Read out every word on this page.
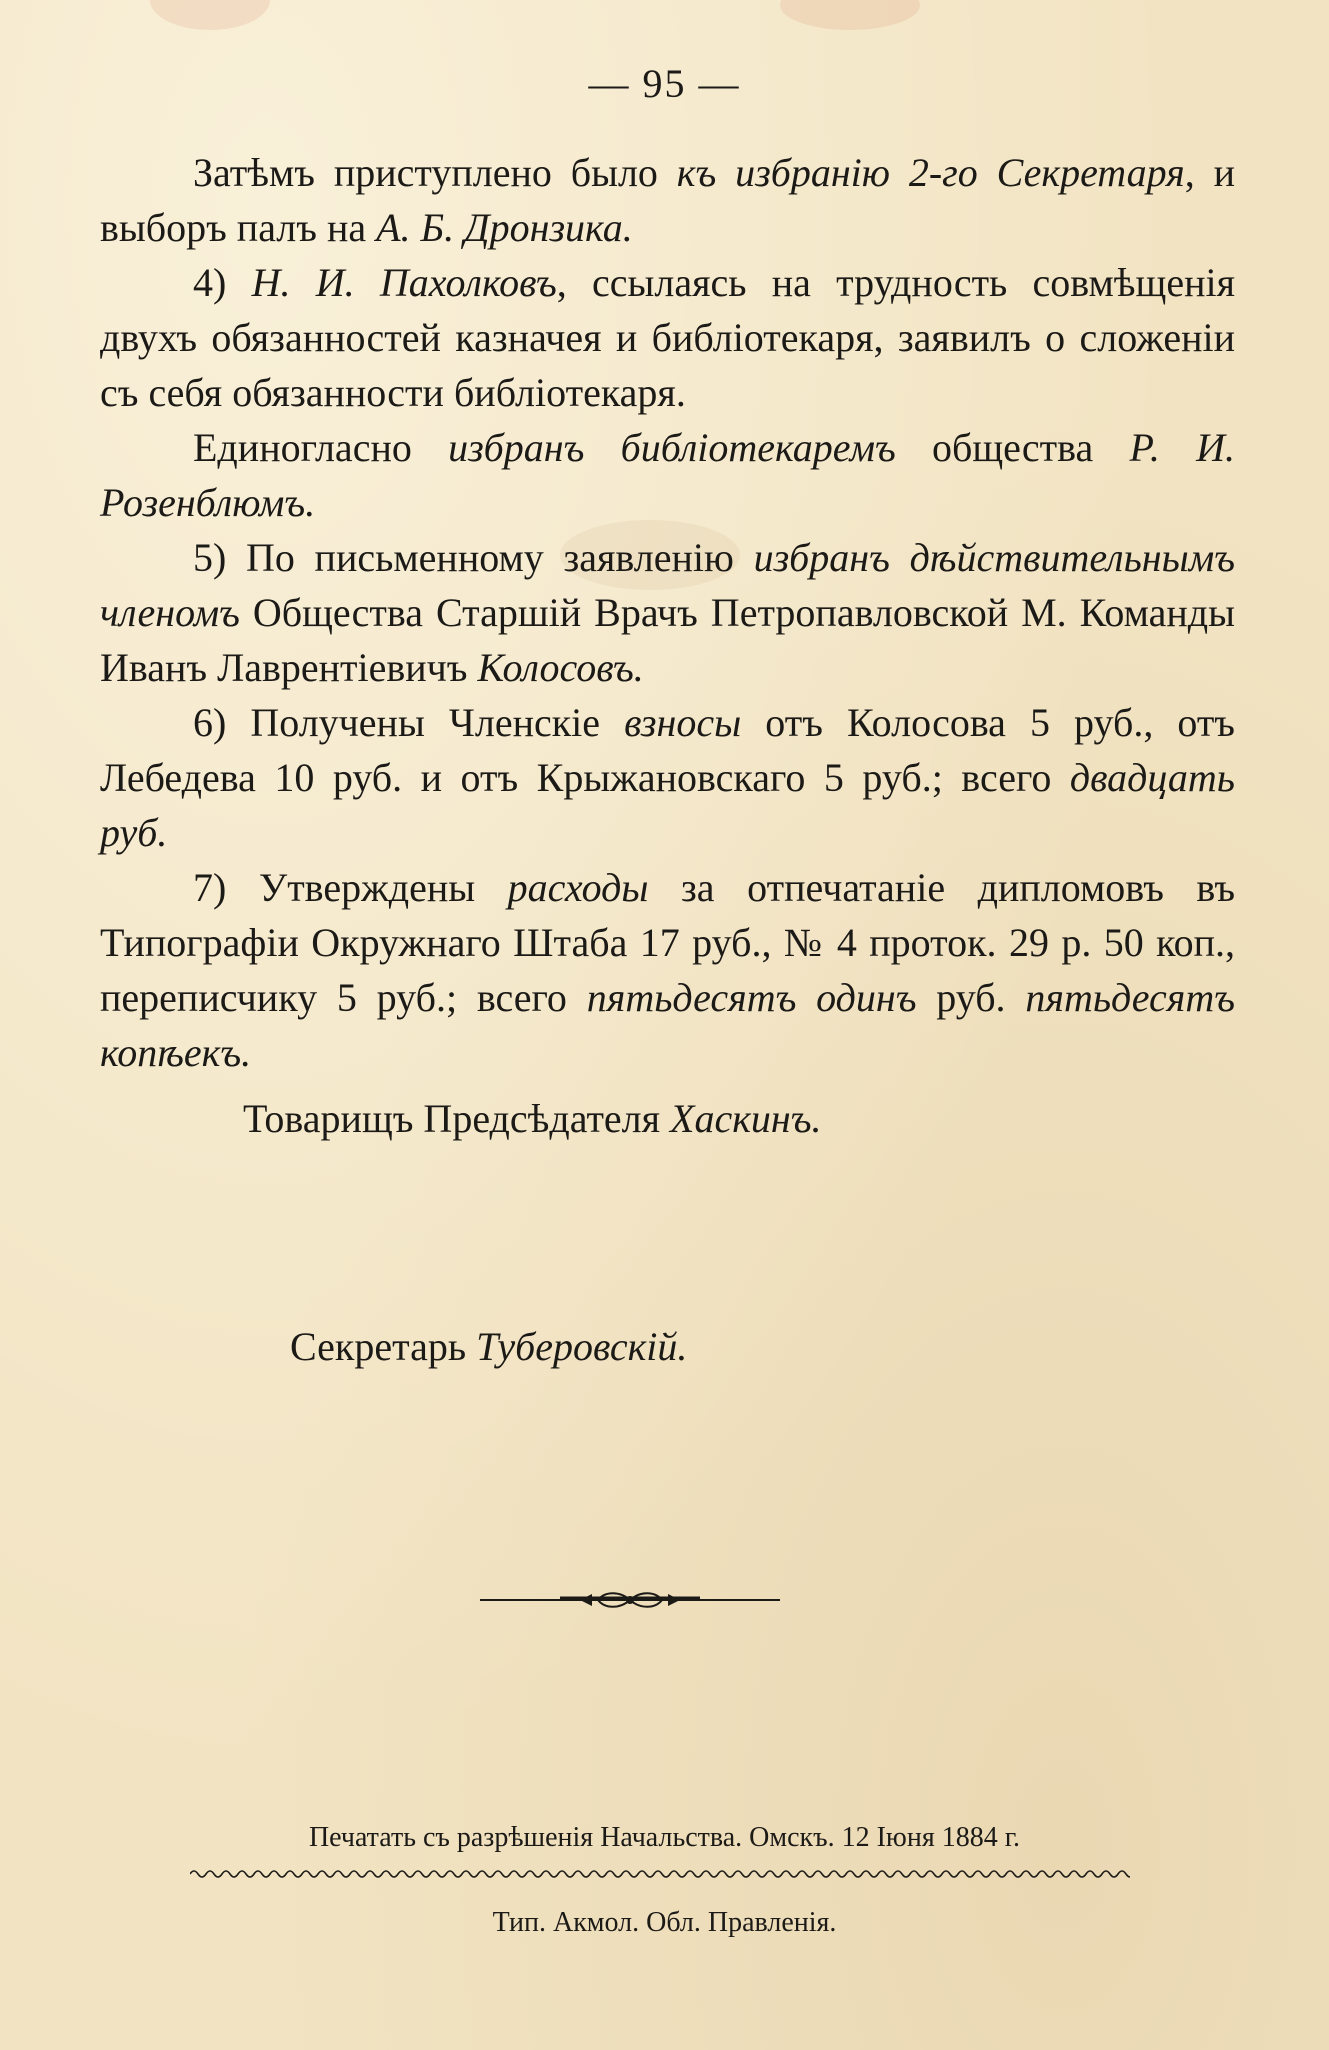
— 95 —

Затѣмъ приступлено было къ избранію 2-го Секретаря, и выборъ палъ на А. Б. Дронзика.

4) Н. И. Пахолковъ, ссылаясь на трудность совмѣщенія двухъ обязанностей казначея и библіотекаря, заявилъ о сложеніи съ себя обязанности библіотекаря.

Единогласно избранъ библіотекаремъ общества Р. И. Розенблюмъ.

5) По письменному заявленію избранъ дѣйствительнымъ членомъ Общества Старшій Врачъ Петропавловской М. Команды Иванъ Лаврентіевичъ Колосовъ.

6) Получены Членскіе взносы отъ Колосова 5 руб., отъ Лебедева 10 руб. и отъ Крыжановскаго 5 руб.; всего двадцать руб.

7) Утверждены расходы за отпечатаніе дипломовъ въ Типографіи Окружнаго Штаба 17 руб., № 4 проток. 29 р. 50 коп., переписчику 5 руб.; всего пятьдесятъ одинъ руб. пятьдесятъ копѣекъ.

Товарищъ Предсѣдателя Хаскинъ.
Секретарь Туберовскій.
Печатать съ разрѣшенія Начальства. Омскъ. 12 Іюня 1884 г.
Тип. Акмол. Обл. Правленія.
